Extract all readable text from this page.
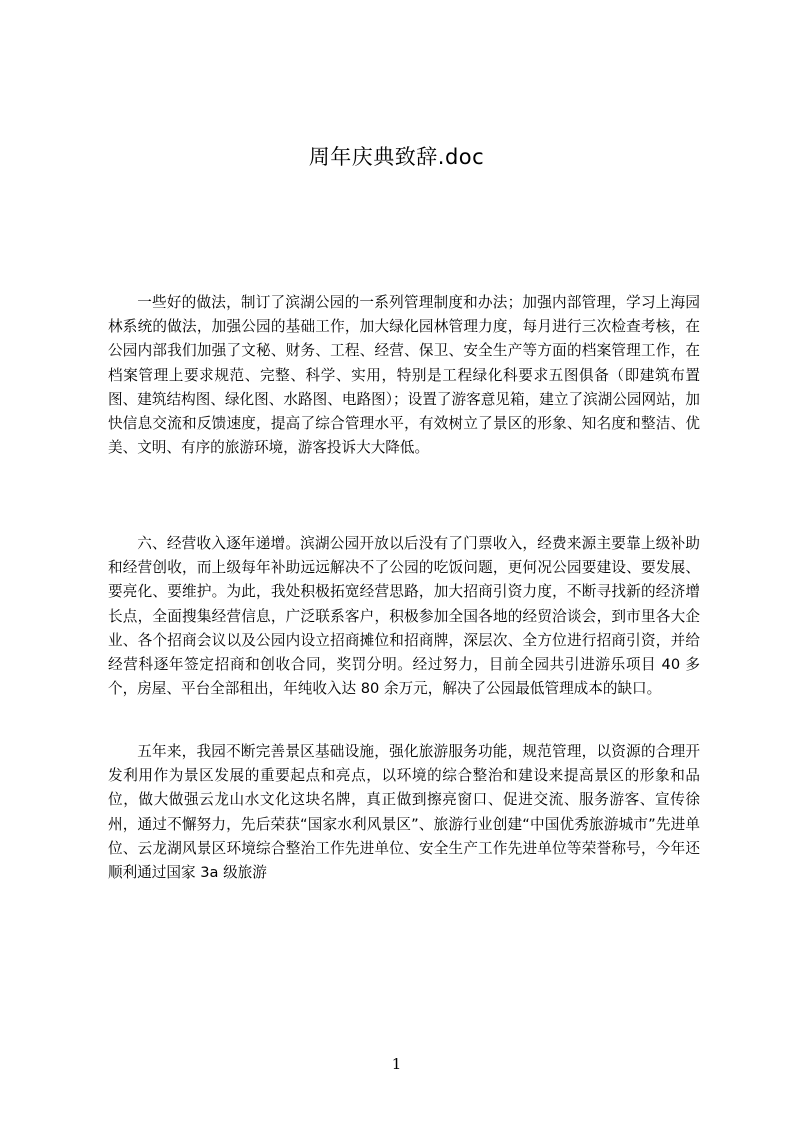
周年庆典致辞.doc

一些好的做法，制订了滨湖公园的一系列管理制度和办法；加强内部管理，学习上海园林系统的做法，加强公园的基础工作，加大绿化园林管理力度，每月进行三次检查考核，在公园内部我们加强了文秘、财务、工程、经营、保卫、安全生产等方面的档案管理工作，在档案管理上要求规范、完整、科学、实用，特别是工程绿化科要求五图俱备（即建筑布置图、建筑结构图、绿化图、水路图、电路图）；设置了游客意见箱，建立了滨湖公园网站，加快信息交流和反馈速度，提高了综合管理水平，有效树立了景区的形象、知名度和整洁、优美、文明、有序的旅游环境，游客投诉大大降低。

六、经营收入逐年递增。滨湖公园开放以后没有了门票收入，经费来源主要靠上级补助和经营创收，而上级每年补助远远解决不了公园的吃饭问题，更何况公园要建设、要发展、要亮化、要维护。为此，我处积极拓宽经营思路，加大招商引资力度，不断寻找新的经济增长点，全面搜集经营信息，广泛联系客户，积极参加全国各地的经贸洽谈会，到市里各大企业、各个招商会议以及公园内设立招商摊位和招商牌，深层次、全方位进行招商引资，并给经营科逐年签定招商和创收合同，奖罚分明。经过努力，目前全园共引进游乐项目 40 多个，房屋、平台全部租出，年纯收入达 80 余万元，解决了公园最低管理成本的缺口。

五年来，我园不断完善景区基础设施，强化旅游服务功能，规范管理，以资源的合理开发利用作为景区发展的重要起点和亮点，以环境的综合整治和建设来提高景区的形象和品位，做大做强云龙山水文化这块名牌，真正做到擦亮窗口、促进交流、服务游客、宣传徐州，通过不懈努力，先后荣获“国家水利风景区”、旅游行业创建“中国优秀旅游城市”先进单位、云龙湖风景区环境综合整治工作先进单位、安全生产工作先进单位等荣誉称号，今年还顺利通过国家 3a 级旅游

1
